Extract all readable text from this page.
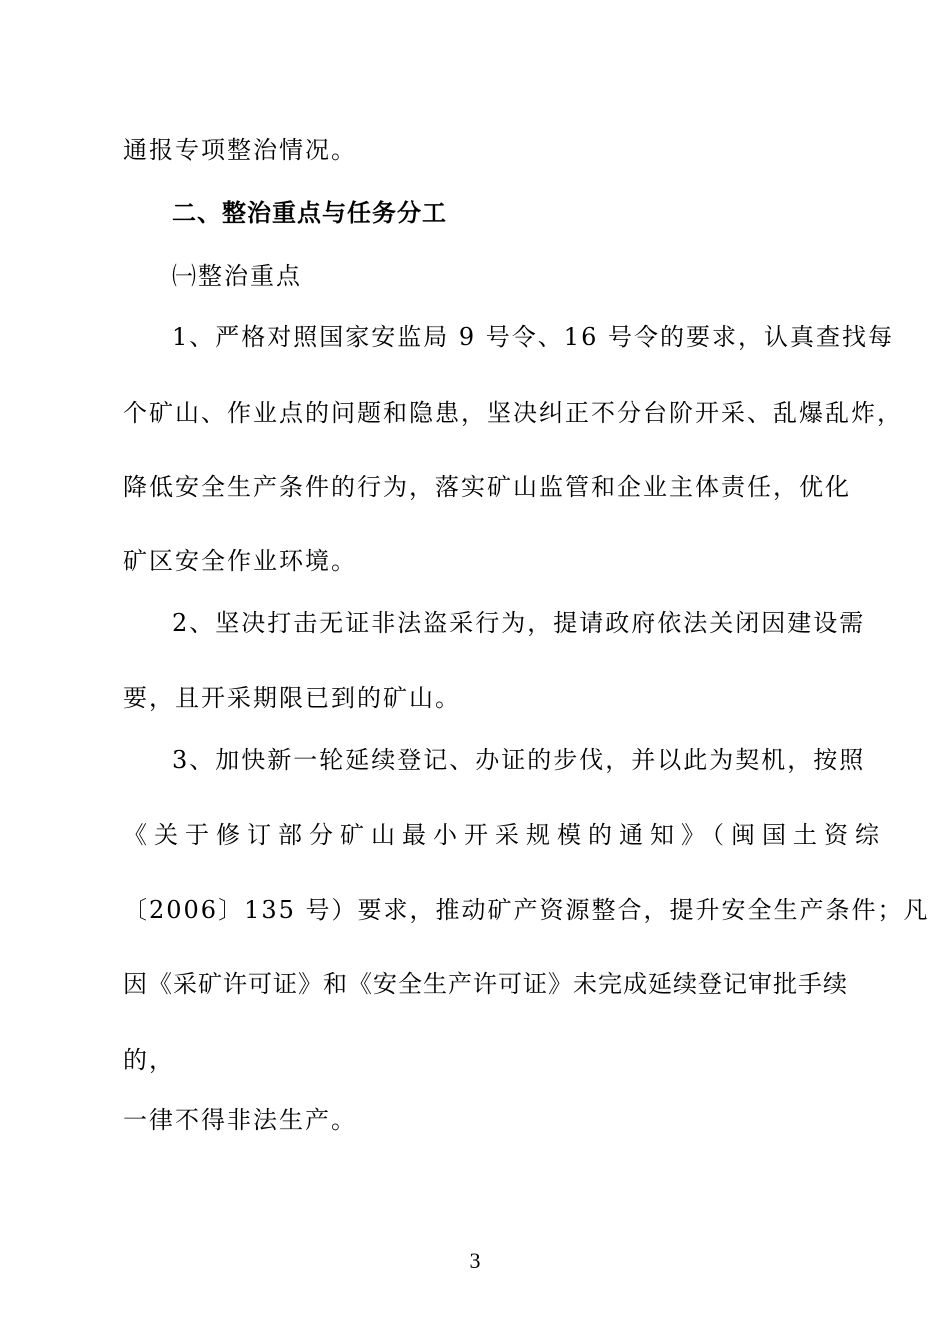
通报专项整治情况。
二、整治重点与任务分工
㈠整治重点
1、严格对照国家安监局 9 号令、16 号令的要求，认真查找每
个矿山、作业点的问题和隐患，坚决纠正不分台阶开采、乱爆乱炸，
降低安全生产条件的行为，落实矿山监管和企业主体责任，优化
矿区安全作业环境。
2、坚决打击无证非法盗采行为，提请政府依法关闭因建设需
要，且开采期限已到的矿山。
3、加快新一轮延续登记、办证的步伐，并以此为契机，按照
《关于修订部分矿山最小开采规模的通知》（闽国土资综
〔2006〕135 号）要求，推动矿产资源整合，提升安全生产条件；凡
因《采矿许可证》和《安全生产许可证》未完成延续登记审批手续
的，
一律不得非法生产。
3
